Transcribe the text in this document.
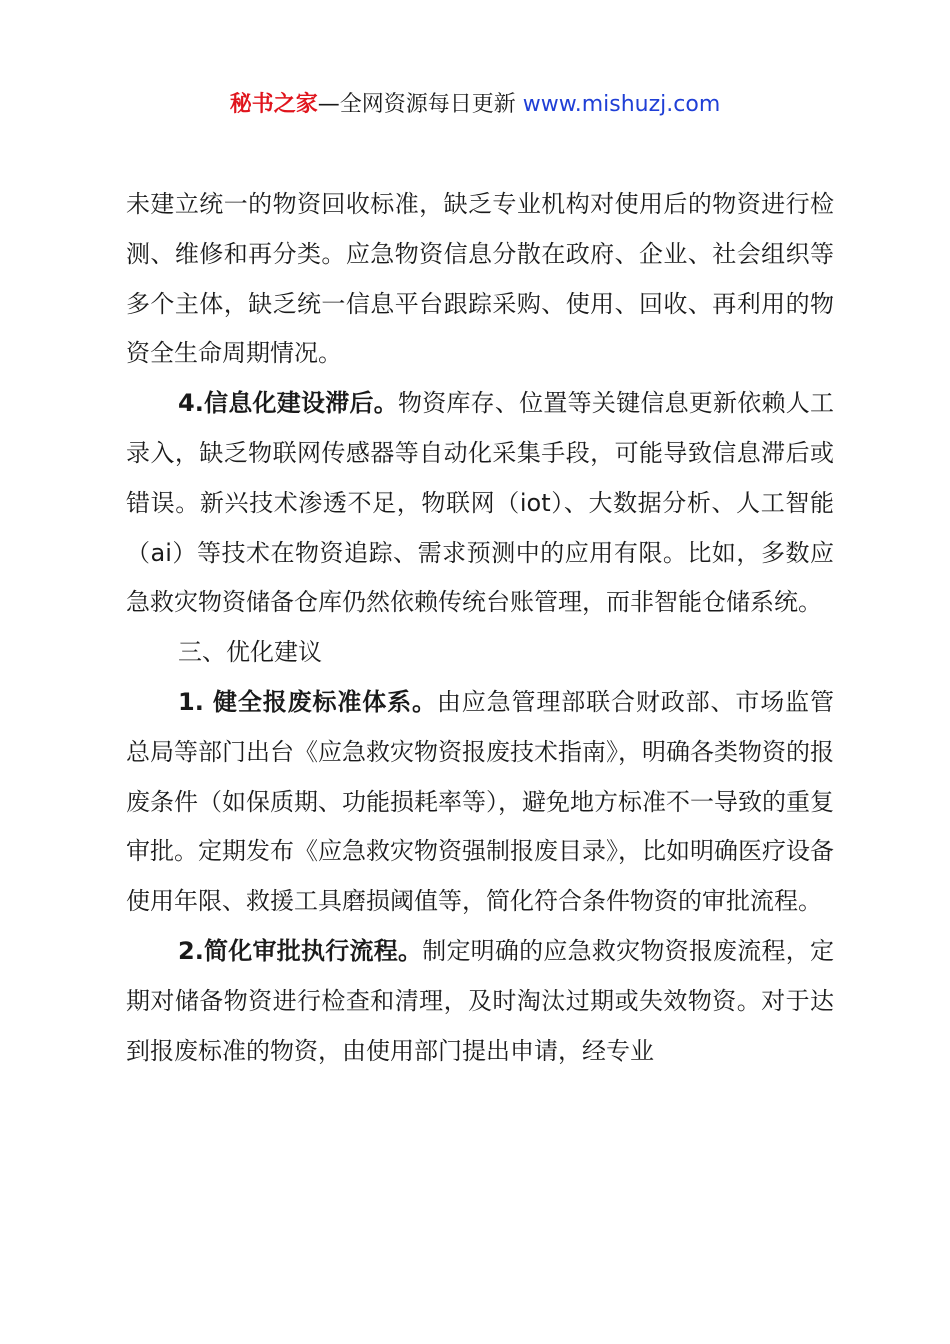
秘书之家—全网资源每日更新 www.mishuzj.com

未建立统一的物资回收标准，缺乏专业机构对使用后的物资进行检测、维修和再分类。应急物资信息分散在政府、企业、社会组织等多个主体，缺乏统一信息平台跟踪采购、使用、回收、再利用的物资全生命周期情况。

4.信息化建设滞后。物资库存、位置等关键信息更新依赖人工录入，缺乏物联网传感器等自动化采集手段，可能导致信息滞后或错误。新兴技术渗透不足，物联网（iot）、大数据分析、人工智能（ai）等技术在物资追踪、需求预测中的应用有限。比如，多数应急救灾物资储备仓库仍然依赖传统台账管理，而非智能仓储系统。

三、优化建议

1. 健全报废标准体系。由应急管理部联合财政部、市场监管总局等部门出台《应急救灾物资报废技术指南》，明确各类物资的报废条件（如保质期、功能损耗率等），避免地方标准不一导致的重复审批。定期发布《应急救灾物资强制报废目录》，比如明确医疗设备使用年限、救援工具磨损阈值等，简化符合条件物资的审批流程。

2.简化审批执行流程。制定明确的应急救灾物资报废流程，定期对储备物资进行检查和清理，及时淘汰过期或失效物资。对于达到报废标准的物资，由使用部门提出申请，经专业
